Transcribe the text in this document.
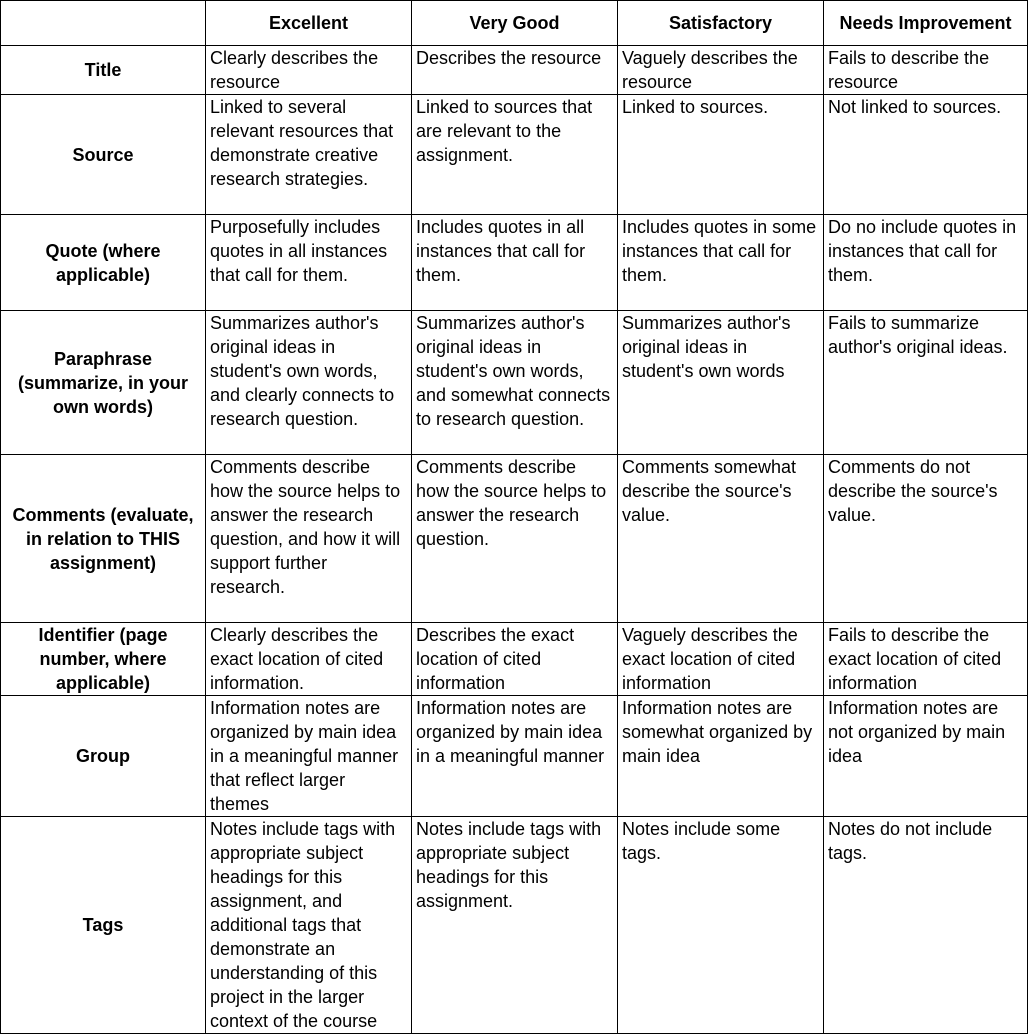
	Excellent	Very Good	Satisfactory	Needs Improvement
Title	Clearly describes the resource	Describes the resource	Vaguely describes the resource	Fails to describe the resource
Source	Linked to several relevant resources that demonstrate creative research strategies.	Linked to sources that are relevant to the assignment.	Linked to sources.	Not linked to sources.
Quote (where applicable)	Purposefully includes quotes in all instances that call for them.	Includes quotes in all instances that call for them.	Includes quotes in some instances that call for them.	Do no include quotes in instances that call for them.
Paraphrase (summarize, in your own words)	Summarizes author's original ideas in student's own words, and clearly connects to research question.	Summarizes author's original ideas in student's own words, and somewhat connects to research question.	Summarizes author's original ideas in student's own words	Fails to summarize author's original ideas.
Comments (evaluate, in relation to THIS assignment)	Comments describe how the source helps to answer the research question, and how it will support further research.	Comments describe how the source helps to answer the research question.	Comments somewhat describe the source's value.	Comments do not describe the source's value.
Identifier (page number, where applicable)	Clearly describes the exact location of cited information.	Describes the exact location of cited information	Vaguely describes the exact location of cited information	Fails to describe the exact location of cited information
Group	Information notes are organized by main idea in a meaningful manner that reflect larger themes	Information notes are organized by main idea in a meaningful manner	Information notes are somewhat organized by main idea	Information notes are not organized by main idea
Tags	Notes include tags with appropriate subject headings for this assignment, and additional tags that demonstrate an understanding of this project in the larger context of the course	Notes include tags with appropriate subject headings for this assignment.	Notes include some tags.	Notes do not include tags.
